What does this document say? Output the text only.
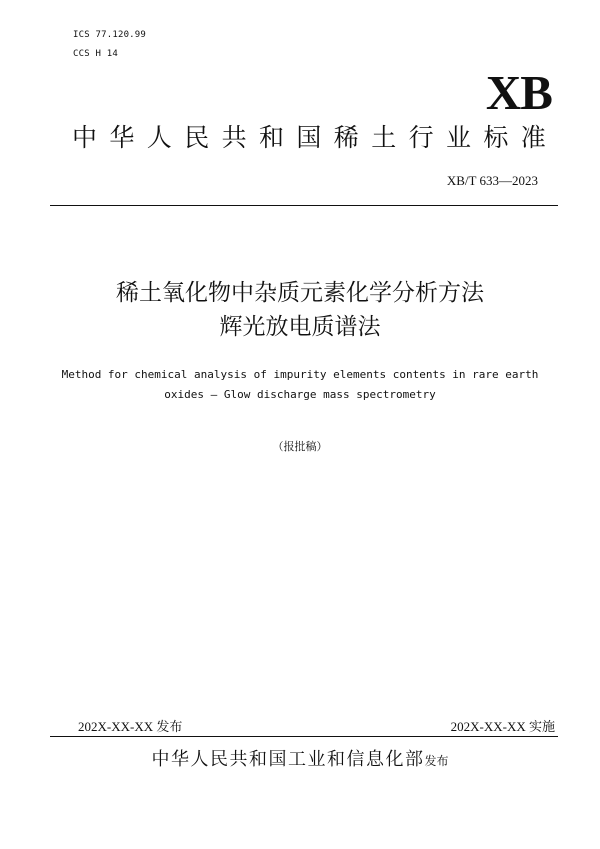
ICS 77.120.99
CCS H 14
XB
中华人民共和国稀土行业标准
XB/T 633—2023
稀土氧化物中杂质元素化学分析方法
辉光放电质谱法
Method for chemical analysis of impurity elements contents in rare earth
oxides — Glow discharge mass spectrometry
（报批稿）
202X-XX-XX 发布	202X-XX-XX 实施
中华人民共和国工业和信息化部发布
